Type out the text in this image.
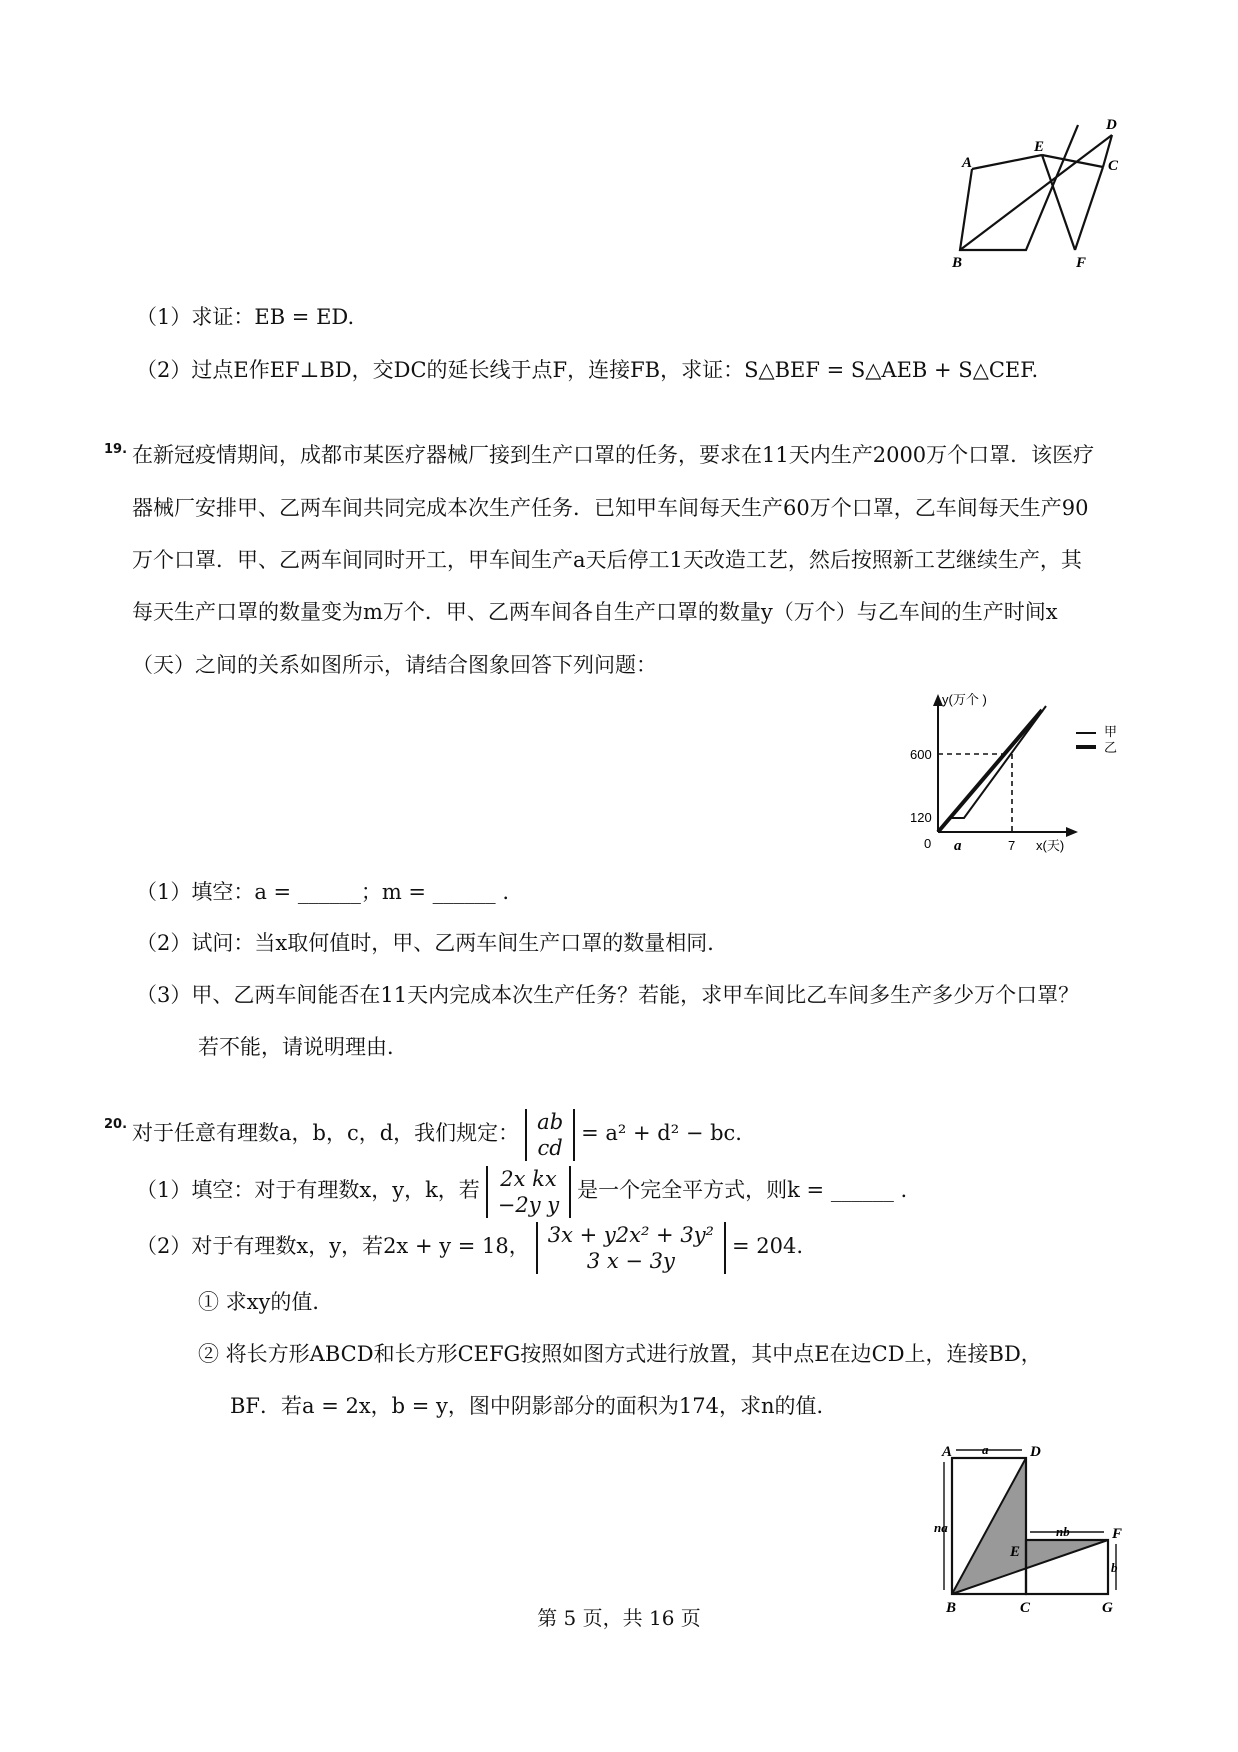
D
A
E
C
B	F
（1）求证：EB = ED.
（2）过点E作EF⊥BD，交DC的延长线于点F，连接FB，求证：S△BEF = S△AEB + S△CEF.
19. 在新冠疫情期间，成都市某医疗器械厂接到生产口罩的任务，要求在11天内生产2000万个口罩．该医疗
器械厂安排甲、乙两车间共同完成本次生产任务．已知甲车间每天生产60万个口罩，乙车间每天生产90
万个口罩．甲、乙两车间同时开工，甲车间生产a天后停工1天改造工艺，然后按照新工艺继续生产，其
每天生产口罩的数量变为m万个．甲、乙两车间各自生产口罩的数量y（万个）与乙车间的生产时间x
（天）之间的关系如图所示，请结合图象回答下列问题：
y(万个 )
600
120
0 a	7 x(天)
甲
乙
（1）填空：a = ______；m = ______ .
（2）试问：当x取何值时，甲、乙两车间生产口罩的数量相同．
（3）甲、乙两车间能否在11天内完成本次生产任务？若能，求甲车间比乙车间多生产多少万个口罩？
若不能，请说明理由．
20. 对于任意有理数a，b，c，d，我们规定： ab
cd
= a² + d² − bc.
（1）填空：对于有理数x，y，k，若 2x kx
−2y y
是一个完全平方式，则k = ______ .
（2）对于有理数x，y，若2x + y = 18， 3x + y2x² + 3y²
3 x − 3y
= 204.
① 求xy的值．
② 将长方形ABCD和长方形CEFG按照如图方式进行放置，其中点E在边CD上，连接BD，
BF．若a = 2x，b = y，图中阴影部分的面积为174，求n的值．
a
na	nb
b
A	D
E
F
B	C	G
第 5 页，共 16 页
